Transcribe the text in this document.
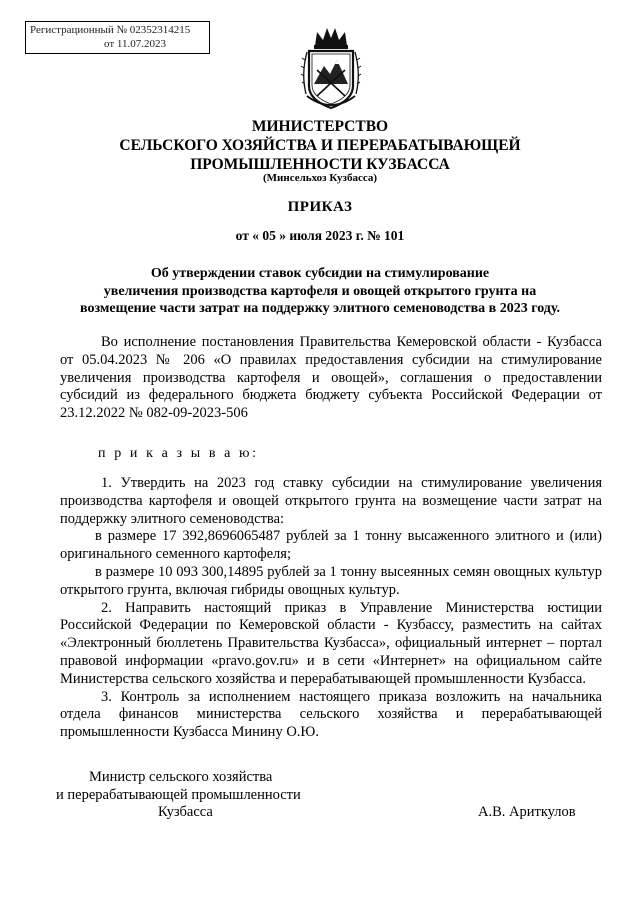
Регистрационный № 02352314215
от 11.07.2023
МИНИСТЕРСТВО
СЕЛЬСКОГО ХОЗЯЙСТВА И ПЕРЕРАБАТЫВАЮЩЕЙ
ПРОМЫШЛЕННОСТИ КУЗБАССА
(Минсельхоз Кузбасса)
ПРИКАЗ
от « 05 » июля 2023 г. № 101
Об утверждении ставок субсидии на стимулирование
увеличения производства картофеля и овощей открытого грунта на
возмещение части затрат на поддержку элитного семеноводства в 2023 году.

Во исполнение постановления Правительства Кемеровской области - Кузбасса от 05.04.2023 № 206 «О правилах предоставления субсидии на стимулирование увеличения производства картофеля и овощей», соглашения о предоставлении субсидий из федерального бюджета бюджету субъекта Российской Федерации от 23.12.2022 № 082-09-2023-506

п р и к а з ы в а ю:

1. Утвердить на 2023 год ставку субсидии на стимулирование увеличения производства картофеля и овощей открытого грунта на возмещение части затрат на поддержку элитного семеноводства:

в размере 17 392,8696065487 рублей за 1 тонну высаженного элитного и (или) оригинального семенного картофеля;

в размере 10 093 300,14895 рублей за 1 тонну высеянных семян овощных культур открытого грунта, включая гибриды овощных культур.

2. Направить настоящий приказ в Управление Министерства юстиции Российской Федерации по Кемеровской области - Кузбассу, разместить на сайтах «Электронный бюллетень Правительства Кузбасса», официальный интернет – портал правовой информации «pravo.gov.ru» и в сети «Интернет» на официальном сайте Министерства сельского хозяйства и перерабатывающей промышленности Кузбасса.

3. Контроль за исполнением настоящего приказа возложить на начальника отдела финансов министерства сельского хозяйства и перерабатывающей промышленности Кузбасса Минину О.Ю.

Министр сельского хозяйства
и перерабатывающей промышленности
Кузбасса	А.В. Ариткулов
